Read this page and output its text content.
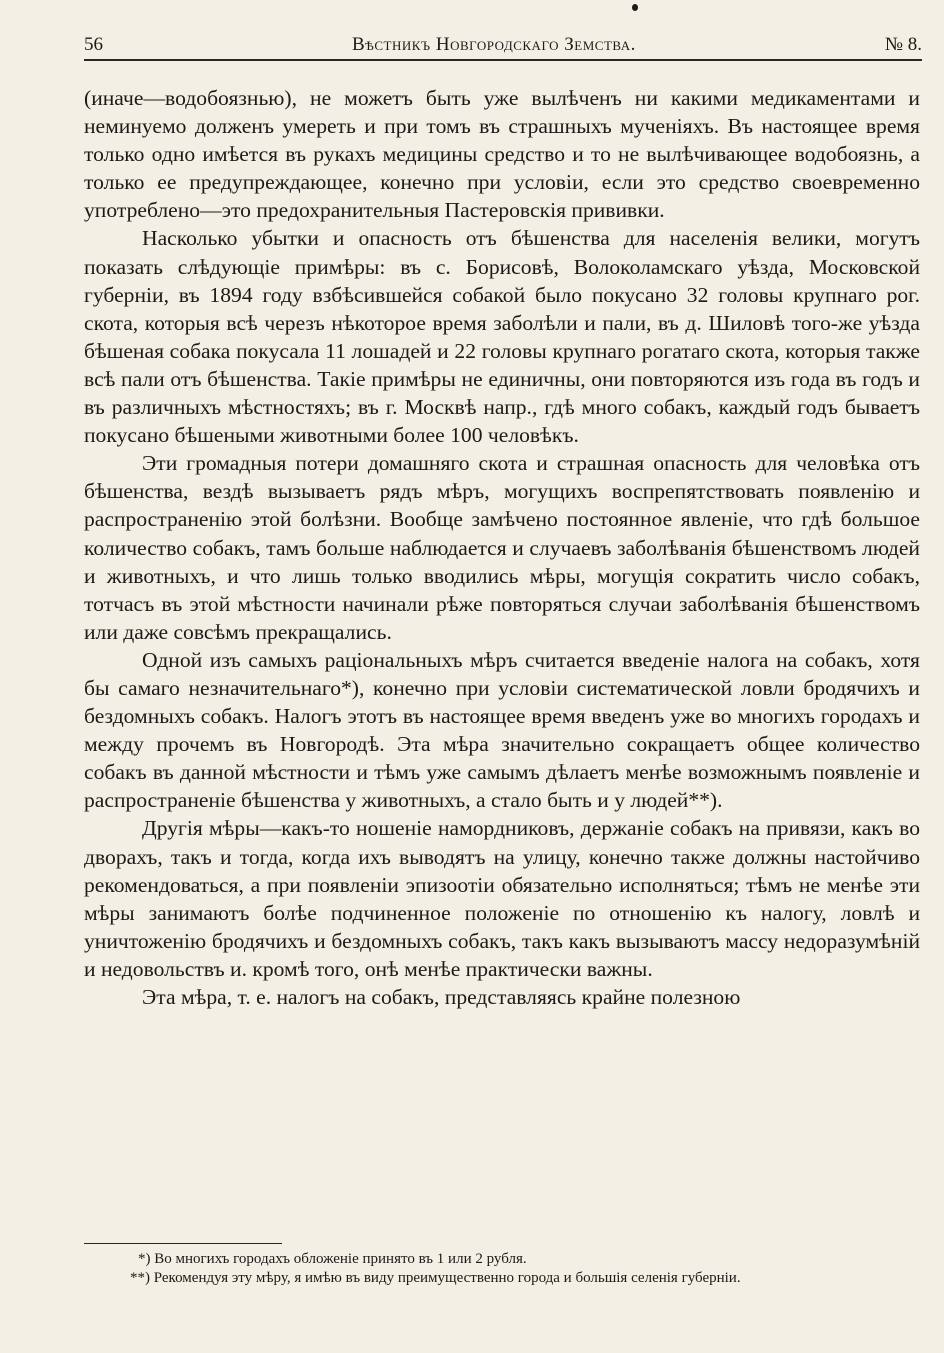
56	Вѣстникъ Новгородскаго Земства.	№ 8.

(иначе—водобоязнью), не можетъ быть уже вылѣченъ ни какими медикаментами и неминуемо долженъ умереть и при томъ въ страшныхъ мученіяхъ. Въ настоящее время только одно имѣется въ рукахъ медицины средство и то не вылѣчивающее водобоязнь, а только ее предупреждающее, конечно при условіи, если это средство своевременно употреблено—это предохранительныя Пастеровскія прививки.

Насколько убытки и опасность отъ бѣшенства для населенія велики, могутъ показать слѣдующіе примѣры: въ с. Борисовѣ, Волоколамскаго уѣзда, Московской губерніи, въ 1894 году взбѣсившейся собакой было покусано 32 головы крупнаго рог. скота, которыя всѣ черезъ нѣкоторое время заболѣли и пали, въ д. Шиловѣ того-же уѣзда бѣшеная собака покусала 11 лошадей и 22 головы крупнаго рогатаго скота, которыя также всѣ пали отъ бѣшенства. Такіе примѣры не единичны, они повторяются изъ года въ годъ и въ различныхъ мѣстностяхъ; въ г. Москвѣ напр., гдѣ много собакъ, каждый годъ бываетъ покусано бѣшеными животными более 100 человѣкъ.

Эти громадныя потери домашняго скота и страшная опасность для человѣка отъ бѣшенства, вездѣ вызываетъ рядъ мѣръ, могущихъ воспрепятствовать появленію и распространенію этой болѣзни. Вообще замѣчено постоянное явленіе, что гдѣ большое количество собакъ, тамъ больше наблюдается и случаевъ заболѣванія бѣшенствомъ людей и животныхъ, и что лишь только вводились мѣры, могущія сократить число собакъ, тотчасъ въ этой мѣстности начинали рѣже повторяться случаи заболѣванія бѣшенствомъ или даже совсѣмъ прекращались.

Одной изъ самыхъ раціональныхъ мѣръ считается введеніе налога на собакъ, хотя бы самаго незначительнаго*), конечно при условіи систематической ловли бродячихъ и бездомныхъ собакъ. Налогъ этотъ въ настоящее время введенъ уже во многихъ городахъ и между прочемъ въ Новгородѣ. Эта мѣра значительно сокращаетъ общее количество собакъ въ данной мѣстности и тѣмъ уже самымъ дѣлаетъ менѣе возможнымъ появленіе и распространеніе бѣшенства у животныхъ, а стало быть и у людей**).

Другія мѣры—какъ-то ношеніе намордниковъ, держаніе собакъ на привязи, какъ во дворахъ, такъ и тогда, когда ихъ выводятъ на улицу, конечно также должны настойчиво рекомендоваться, а при появленіи эпизоотіи обязательно исполняться; тѣмъ не менѣе эти мѣры занимаютъ болѣе подчиненное положеніе по отношенію къ налогу, ловлѣ и уничтоженію бродячихъ и бездомныхъ собакъ, такъ какъ вызываютъ массу недоразумѣній и недовольствъ и. кромѣ того, онѣ менѣе практически важны.

Эта мѣра, т. е. налогъ на собакъ, представляясь крайне полезною

*) Во многихъ городахъ обложеніе принято въ 1 или 2 рубля.

**) Рекомендуя эту мѣру, я имѣю въ виду преимущественно города и большія селенія губерніи.
